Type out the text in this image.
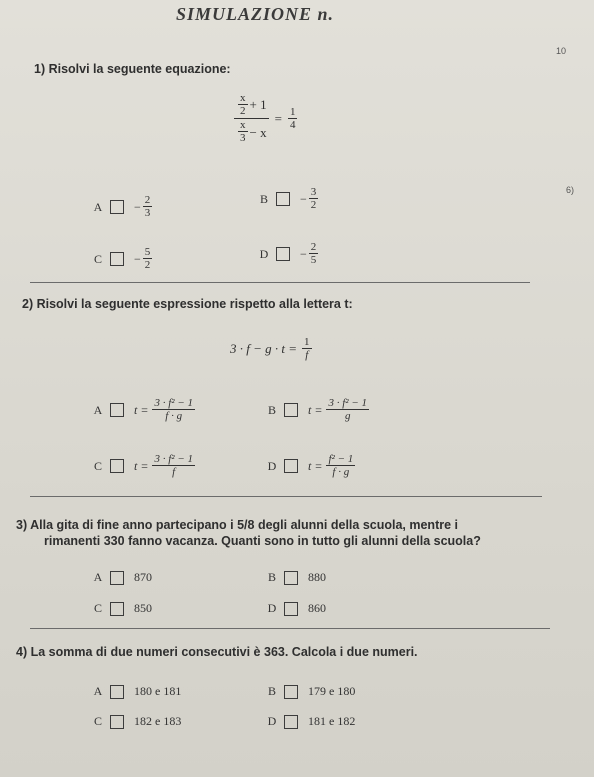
SIMULAZIONE n.
10
6)
1) Risolvi la seguente equazione:
$\frac{\frac{x}{2} + 1}{\frac{x}{3} - x} = \frac{1}{4}$
A	− $\frac{2}{3}$	B	− $\frac{3}{2}$
C	− $\frac{5}{2}$	D	− $\frac{2}{5}$
2) Risolvi la seguente espressione rispetto alla lettera t:
$3 \cdot f - g \cdot t = \frac{1}{f}$
A	$t = \frac{\text{3 · f² − 1}}{f \cdot g}$	B	$t = \frac{\text{3 · f² − 1}}{g}$
C	$t = \frac{\text{3 · f² − 1}}{f}$	D	$t = \frac{\text{f² − 1}}{f \cdot g}$
3) Alla gita di fine anno partecipano i 5/8 degli alunni della scuola, mentre i
rimanenti 330 fanno vacanza. Quanti sono in tutto gli alunni della scuola?
A	870	B	880
C	850	D	860
4) La somma di due numeri consecutivi è 363. Calcola i due numeri.
A	180 e 181	B	179 e 180
C	182 e 183	D	181 e 182
